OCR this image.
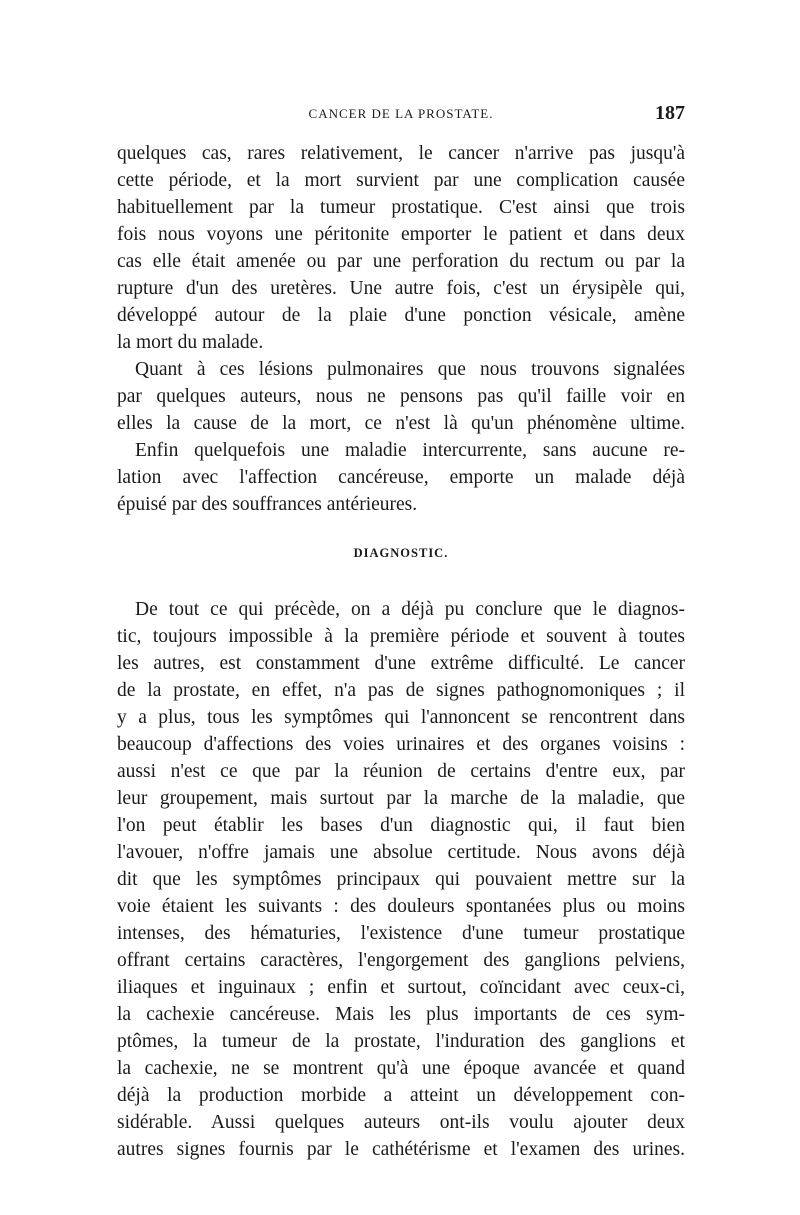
CANCER DE LA PROSTATE.	187
quelques cas, rares relativement, le cancer n'arrive pas jusqu'à
cette période, et la mort survient par une complication causée
habituellement par la tumeur prostatique. C'est ainsi que trois
fois nous voyons une péritonite emporter le patient et dans deux
cas elle était amenée ou par une perforation du rectum ou par la
rupture d'un des uretères. Une autre fois, c'est un érysipèle qui,
développé autour de la plaie d'une ponction vésicale, amène
la mort du malade.
Quant à ces lésions pulmonaires que nous trouvons signalées
par quelques auteurs, nous ne pensons pas qu'il faille voir en
elles la cause de la mort, ce n'est là qu'un phénomène ultime.
Enfin quelquefois une maladie intercurrente, sans aucune re-
lation avec l'affection cancéreuse, emporte un malade déjà
épuisé par des souffrances antérieures.
DIAGNOSTIC.
De tout ce qui précède, on a déjà pu conclure que le diagnos-
tic, toujours impossible à la première période et souvent à toutes
les autres, est constamment d'une extrême difficulté. Le cancer
de la prostate, en effet, n'a pas de signes pathognomoniques ; il
y a plus, tous les symptômes qui l'annoncent se rencontrent dans
beaucoup d'affections des voies urinaires et des organes voisins :
aussi n'est ce que par la réunion de certains d'entre eux, par
leur groupement, mais surtout par la marche de la maladie, que
l'on peut établir les bases d'un diagnostic qui, il faut bien
l'avouer, n'offre jamais une absolue certitude. Nous avons déjà
dit que les symptômes principaux qui pouvaient mettre sur la
voie étaient les suivants : des douleurs spontanées plus ou moins
intenses, des hématuries, l'existence d'une tumeur prostatique
offrant certains caractères, l'engorgement des ganglions pelviens,
iliaques et inguinaux ; enfin et surtout, coïncidant avec ceux-ci,
la cachexie cancéreuse. Mais les plus importants de ces sym-
ptômes, la tumeur de la prostate, l'induration des ganglions et
la cachexie, ne se montrent qu'à une époque avancée et quand
déjà la production morbide a atteint un développement con-
sidérable. Aussi quelques auteurs ont-ils voulu ajouter deux
autres signes fournis par le cathétérisme et l'examen des urines.
